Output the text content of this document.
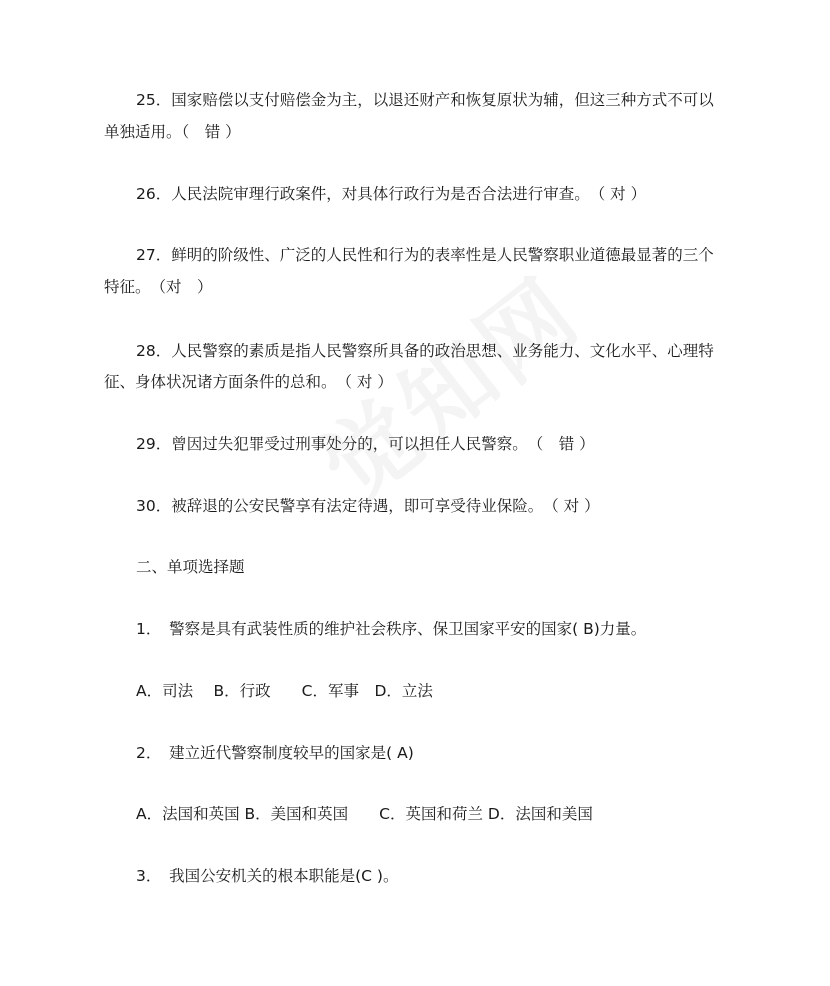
25．国家赔偿以支付赔偿金为主，以退还财产和恢复原状为辅，但这三种方式不可以
单独适用。（　错 ）
26．人民法院审理行政案件，对具体行政行为是否合法进行审查。　（ 对 ）
27．鲜明的阶级性、广泛的人民性和行为的表率性是人民警察职业道德最显著的三个
特征。　（对　）
28．人民警察的素质是指人民警察所具备的政治思想、业务能力、文化水平、心理特
征、身体状况诸方面条件的总和。　（ 对 ）
29．曾因过失犯罪受过刑事处分的，可以担任人民警察。　（　错 ）
30．被辞退的公安民警享有法定待遇，即可享受待业保险。　（ 对 ）
二、单项选择题
1．　警察是具有武装性质的维护社会秩序、保卫国家平安的国家( B)力量。
A．司法　 B．行政　　C．军事　D．立法
2．　建立近代警察制度较早的国家是( A)
A．法国和英国 B．美国和英国　　C．英国和荷兰 D．法国和美国
3．　我国公安机关的根本职能是(C )。
